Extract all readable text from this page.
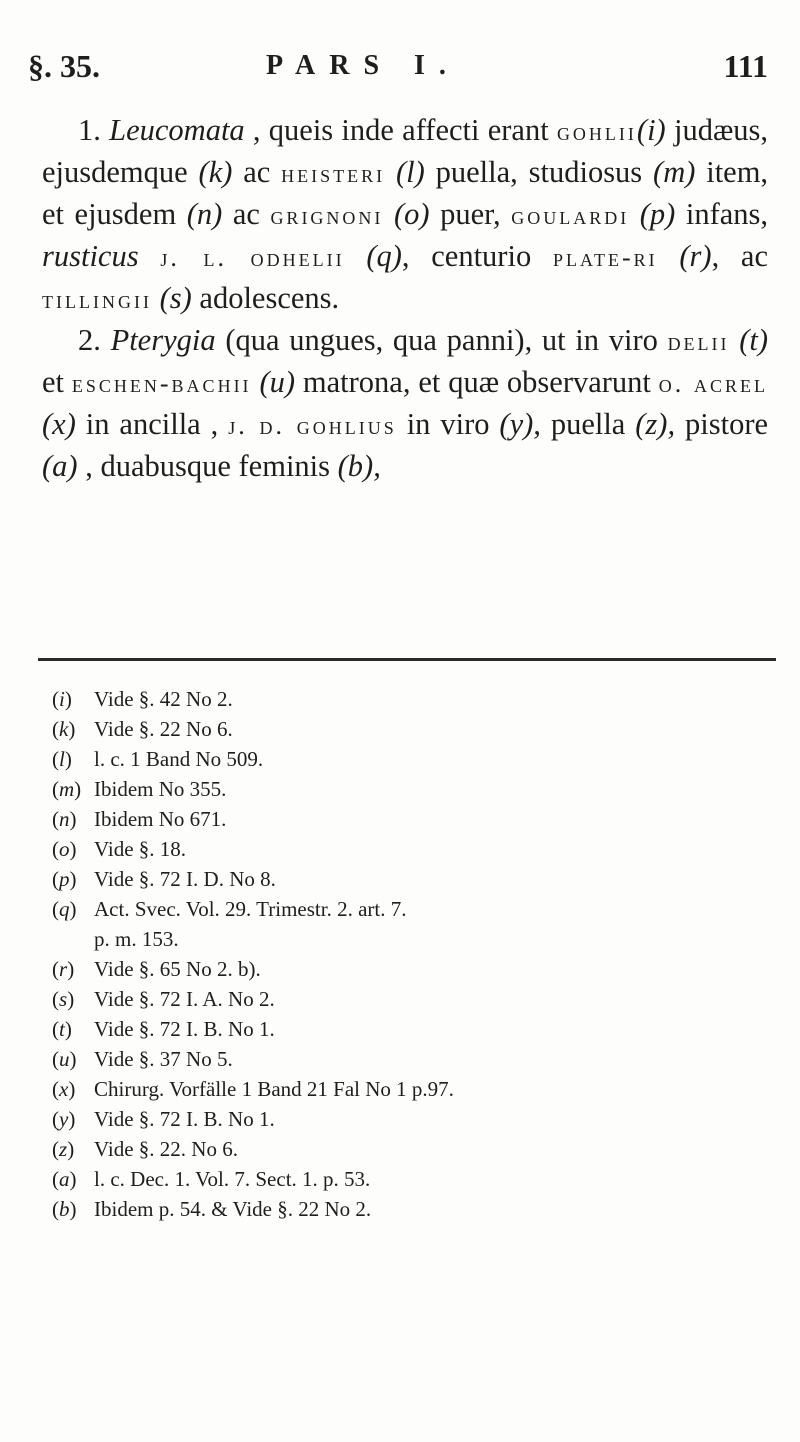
§. 35.	PARS I.	111

1. Leucomata , queis inde affecti erant gohlii(i) judæus, ejusdemque (k) ac heisteri (l) puella, studiosus (m) item, et ejusdem (n) ac grignoni (o) puer, goulardi (p) infans, rusticus j. l. odhelii (q), centurio plate-ri (r), ac tillingii (s) adolescens.

2. Pterygia (qua ungues, qua panni), ut in viro delii (t) et eschen-bachii (u) matrona, et quæ observarunt o. acrel (x) in ancilla , j. d. gohlius in viro (y), puella (z), pistore (a) , duabusque feminis (b),

(i) Vide §. 42 No 2.
(k) Vide §. 22 No 6.
(l) l. c. 1 Band No 509.
(m) Ibidem No 355.
(n) Ibidem No 671.
(o) Vide §. 18.
(p) Vide §. 72 I. D. No 8.
(q) Act. Svec. Vol. 29. Trimestr. 2. art. 7.
p. m. 153.
(r) Vide §. 65 No 2. b).
(s) Vide §. 72 I. A. No 2.
(t) Vide §. 72 I. B. No 1.
(u) Vide §. 37 No 5.
(x) Chirurg. Vorfälle 1 Band 21 Fal No 1 p.97.
(y) Vide §. 72 I. B. No 1.
(z) Vide §. 22. No 6.
(a) l. c. Dec. 1. Vol. 7. Sect. 1. p. 53.
(b) Ibidem p. 54. & Vide §. 22 No 2.
